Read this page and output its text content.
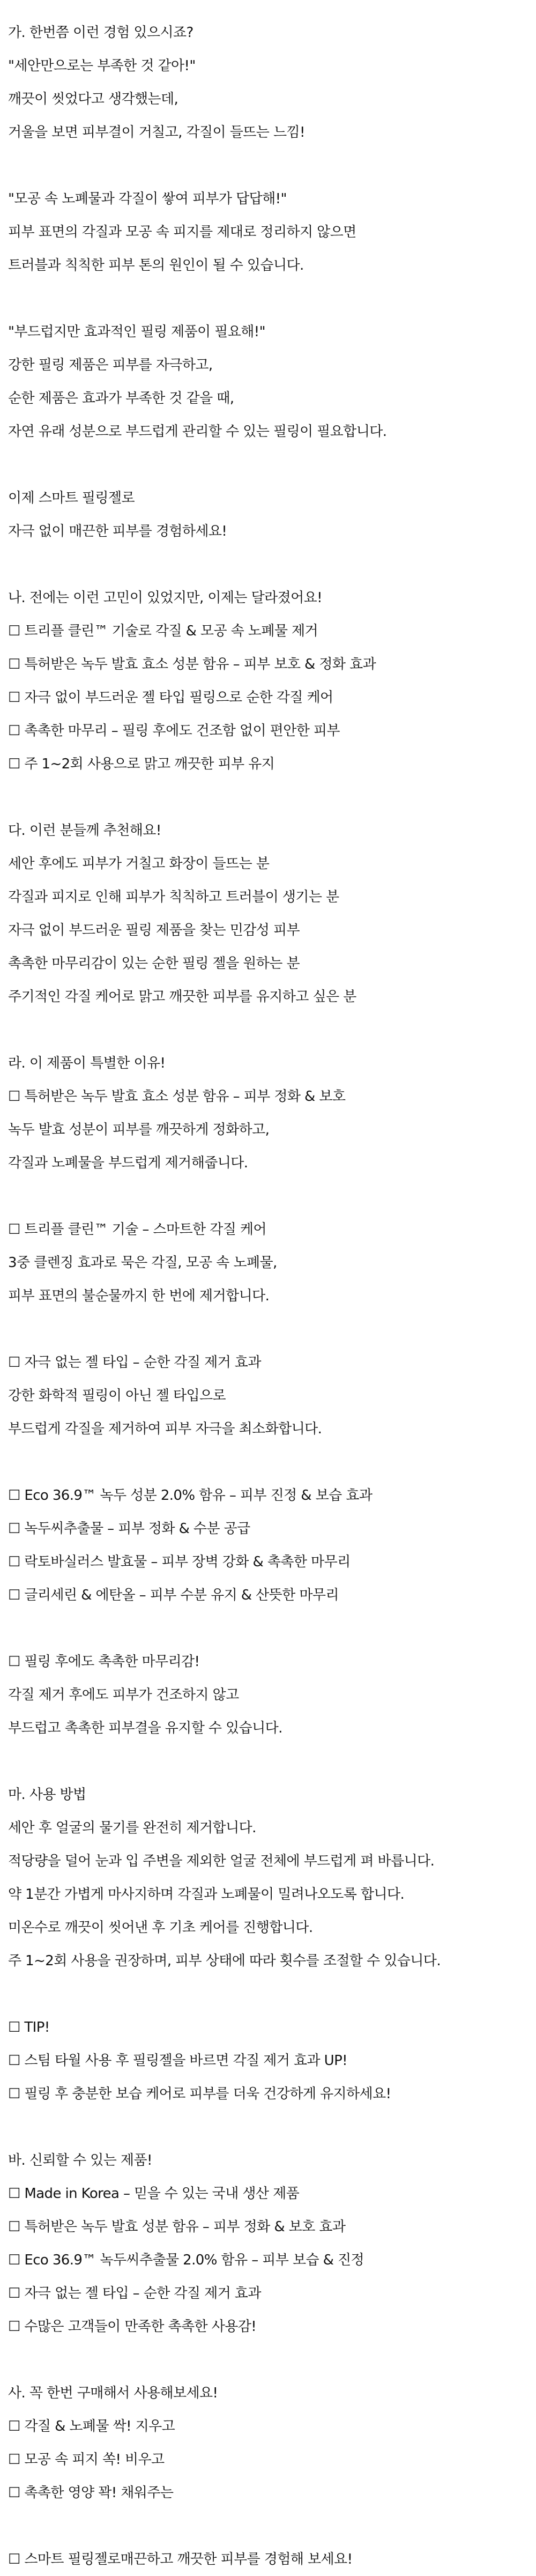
가. 한번쯤 이런 경험 있으시죠?
"세안만으로는 부족한 것 같아!"
깨끗이 씻었다고 생각했는데,
거울을 보면 피부결이 거칠고, 각질이 들뜨는 느낌!
"모공 속 노폐물과 각질이 쌓여 피부가 답답해!"
피부 표면의 각질과 모공 속 피지를 제대로 정리하지 않으면
트러블과 칙칙한 피부 톤의 원인이 될 수 있습니다.
"부드럽지만 효과적인 필링 제품이 필요해!"
강한 필링 제품은 피부를 자극하고,
순한 제품은 효과가 부족한 것 같을 때,
자연 유래 성분으로 부드럽게 관리할 수 있는 필링이 필요합니다.
이제 스마트 필링젤로
자극 없이 매끈한 피부를 경험하세요!
나. 전에는 이런 고민이 있었지만, 이제는 달라졌어요!
☐ 트리플 클린™ 기술로 각질 & 모공 속 노폐물 제거
☐ 특허받은 녹두 발효 효소 성분 함유 – 피부 보호 & 정화 효과
☐ 자극 없이 부드러운 젤 타입 필링으로 순한 각질 케어
☐ 촉촉한 마무리 – 필링 후에도 건조함 없이 편안한 피부
☐ 주 1~2회 사용으로 맑고 깨끗한 피부 유지
다. 이런 분들께 추천해요!
세안 후에도 피부가 거칠고 화장이 들뜨는 분
각질과 피지로 인해 피부가 칙칙하고 트러블이 생기는 분
자극 없이 부드러운 필링 제품을 찾는 민감성 피부
촉촉한 마무리감이 있는 순한 필링 젤을 원하는 분
주기적인 각질 케어로 맑고 깨끗한 피부를 유지하고 싶은 분
라. 이 제품이 특별한 이유!
☐ 특허받은 녹두 발효 효소 성분 함유 – 피부 정화 & 보호
녹두 발효 성분이 피부를 깨끗하게 정화하고,
각질과 노폐물을 부드럽게 제거해줍니다.
☐ 트리플 클린™ 기술 – 스마트한 각질 케어
3중 클렌징 효과로 묵은 각질, 모공 속 노폐물,
피부 표면의 불순물까지 한 번에 제거합니다.
☐ 자극 없는 젤 타입 – 순한 각질 제거 효과
강한 화학적 필링이 아닌 젤 타입으로
부드럽게 각질을 제거하여 피부 자극을 최소화합니다.
☐ Eco 36.9™ 녹두 성분 2.0% 함유 – 피부 진정 & 보습 효과
☐ 녹두씨추출물 – 피부 정화 & 수분 공급
☐ 락토바실러스 발효물 – 피부 장벽 강화 & 촉촉한 마무리
☐ 글리세린 & 에탄올 – 피부 수분 유지 & 산뜻한 마무리
☐ 필링 후에도 촉촉한 마무리감!
각질 제거 후에도 피부가 건조하지 않고
부드럽고 촉촉한 피부결을 유지할 수 있습니다.
마. 사용 방법
세안 후 얼굴의 물기를 완전히 제거합니다.
적당량을 덜어 눈과 입 주변을 제외한 얼굴 전체에 부드럽게 펴 바릅니다.
약 1분간 가볍게 마사지하며 각질과 노폐물이 밀려나오도록 합니다.
미온수로 깨끗이 씻어낸 후 기초 케어를 진행합니다.
주 1~2회 사용을 권장하며, 피부 상태에 따라 횟수를 조절할 수 있습니다.
☐ TIP!
☐ 스팀 타월 사용 후 필링젤을 바르면 각질 제거 효과 UP!
☐ 필링 후 충분한 보습 케어로 피부를 더욱 건강하게 유지하세요!
바. 신뢰할 수 있는 제품!
☐ Made in Korea – 믿을 수 있는 국내 생산 제품
☐ 특허받은 녹두 발효 성분 함유 – 피부 정화 & 보호 효과
☐ Eco 36.9™ 녹두씨추출물 2.0% 함유 – 피부 보습 & 진정
☐ 자극 없는 젤 타입 – 순한 각질 제거 효과
☐ 수많은 고객들이 만족한 촉촉한 사용감!
사. 꼭 한번 구매해서 사용해보세요!
☐ 각질 & 노폐물 싹! 지우고
☐ 모공 속 피지 쏙! 비우고
☐ 촉촉한 영양 꽉! 채워주는
☐ 스마트 필링젤로매끈하고 깨끗한 피부를 경험해 보세요!
